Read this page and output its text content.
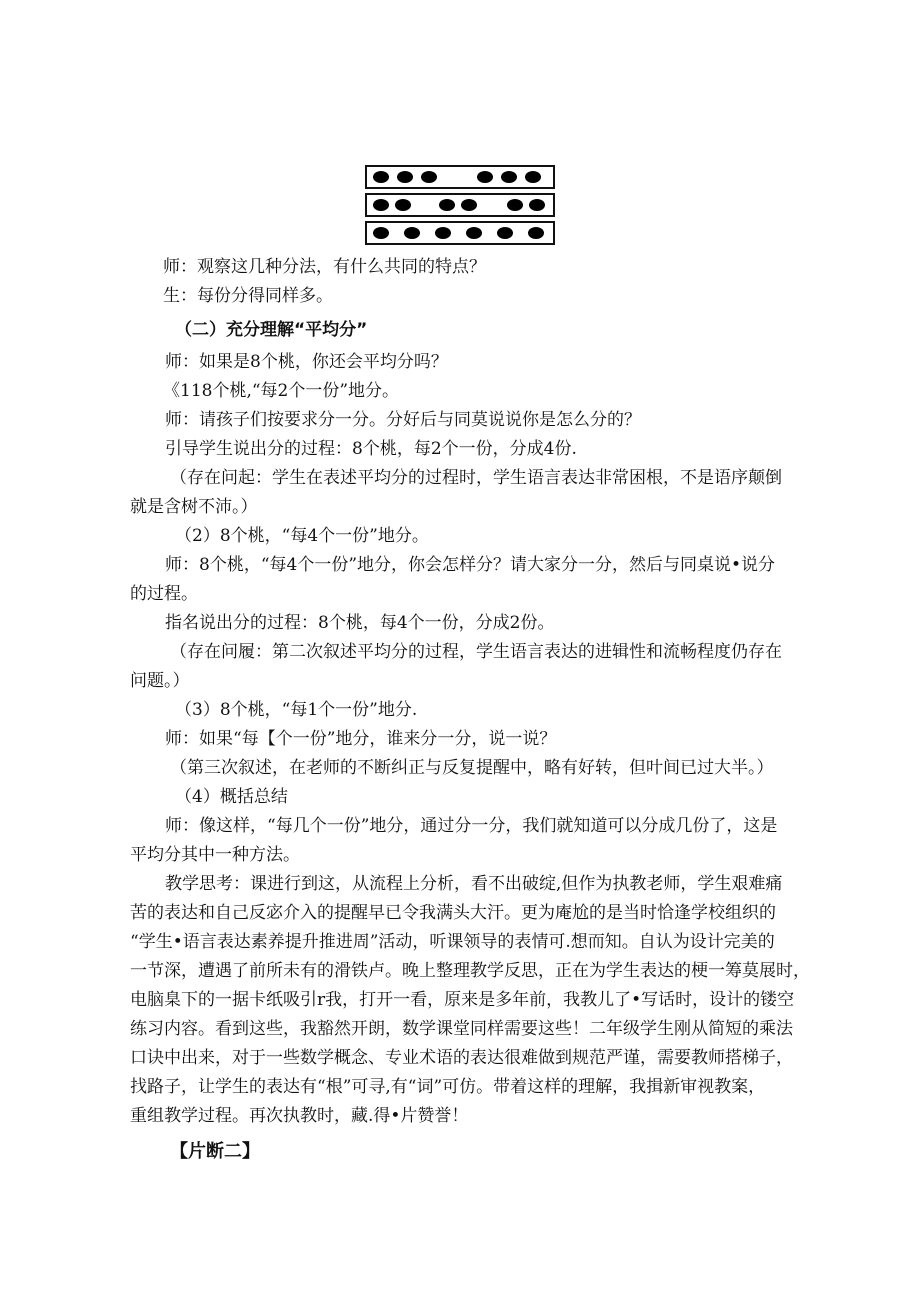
师：观察这几种分法，有什么共同的特点？
生：每份分得同样多。
（二）充分理解“平均分”
师：如果是8个桃，你还会平均分吗？
《118个桃,“每2个一份”地分。
师：请孩子们按要求分一分。分好后与同莫说说你是怎么分的？
引导学生说出分的过程：8个桃，每2个一份，分成4份.
（存在问起：学生在表述平均分的过程时，学生语言表达非常困根，不是语序颠倒
就是含树不沛。）
（2）8个桃，“每4个一份”地分。
师：8个桃，“每4个一份”地分，你会怎样分？请大家分一分，然后与同桌说•说分
的过程。
指名说出分的过程：8个桃，每4个一份，分成2份。
（存在问履：第二次叙述平均分的过程，学生语言表达的进辑性和流畅程度仍存在
问题。）
（3）8个桃，“每1个一份”地分.
师：如果“每【个一份”地分，谁来分一分，说一说？
（第三次叙述，在老师的不断纠正与反复提醒中，略有好转，但叶间已过大半。）
（4）概括总结
师：像这样，“每几个一份”地分，通过分一分，我们就知道可以分成几份了，这是
平均分其中一种方法。
教学思考：课进行到这，从流程上分析，看不出破绽,但作为执教老师，学生艰难痛
苦的表达和自己反宓介入的提醒早已令我满头大汗。更为庵尬的是当时恰逢学校组织的
“学生•语言表达素养提升推进周”活动，听课领导的表情可.想而知。自认为设计完美的
一节深，遭遇了前所未有的滑铁卢。晚上整理教学反思，正在为学生表达的梗一筹莫展时，
电脑臬下的一据卡纸吸引r我，打开一看，原来是多年前，我教儿了•写话时，设计的镂空
练习内容。看到这些，我豁然开朗，数学课堂同样需要这些！二年级学生刚从简短的乘法
口诀中出来，对于一些数学概念、专业术语的表达很难做到规范严谨，需要教师搭梯子，
找路子，让学生的表达有“根”可寻,有“词”可仿。带着这样的理解，我揖新审视教案，
重组教学过程。再次执教时，藏.得•片赞誉！
【片断二】
